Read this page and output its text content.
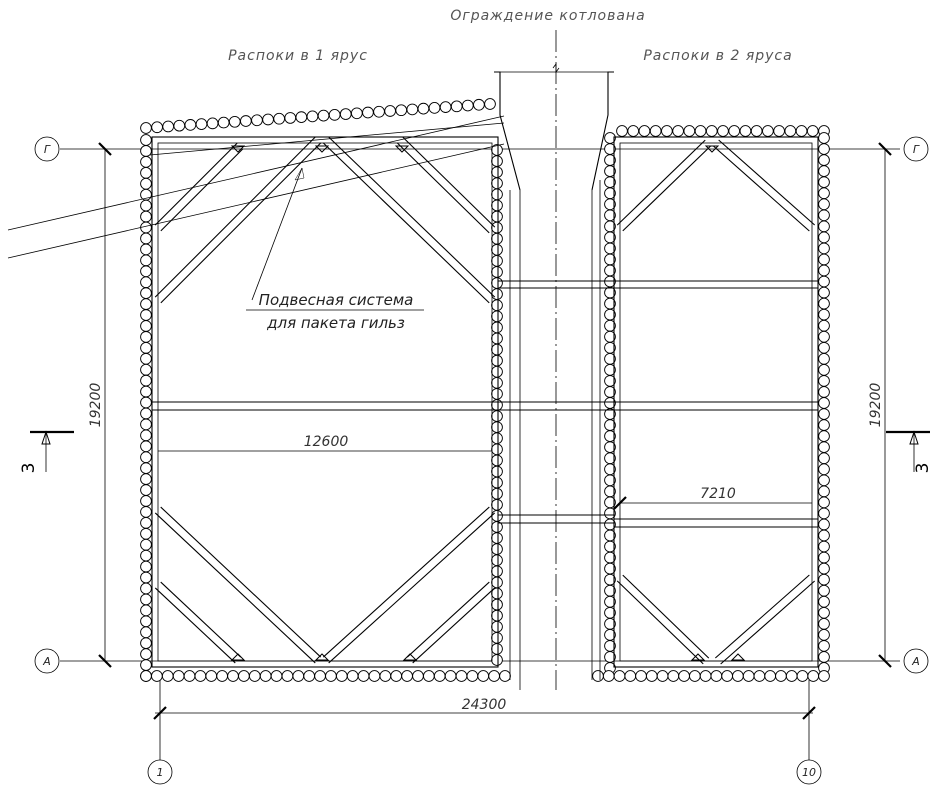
Ограждение котлована
Распоки в 1 ярус	Распоки в 2 яруса
Подвесная система
для пакета гильз
24300
12600
7210
19200	19200
Г	Г
А	А
1	10
3	3
